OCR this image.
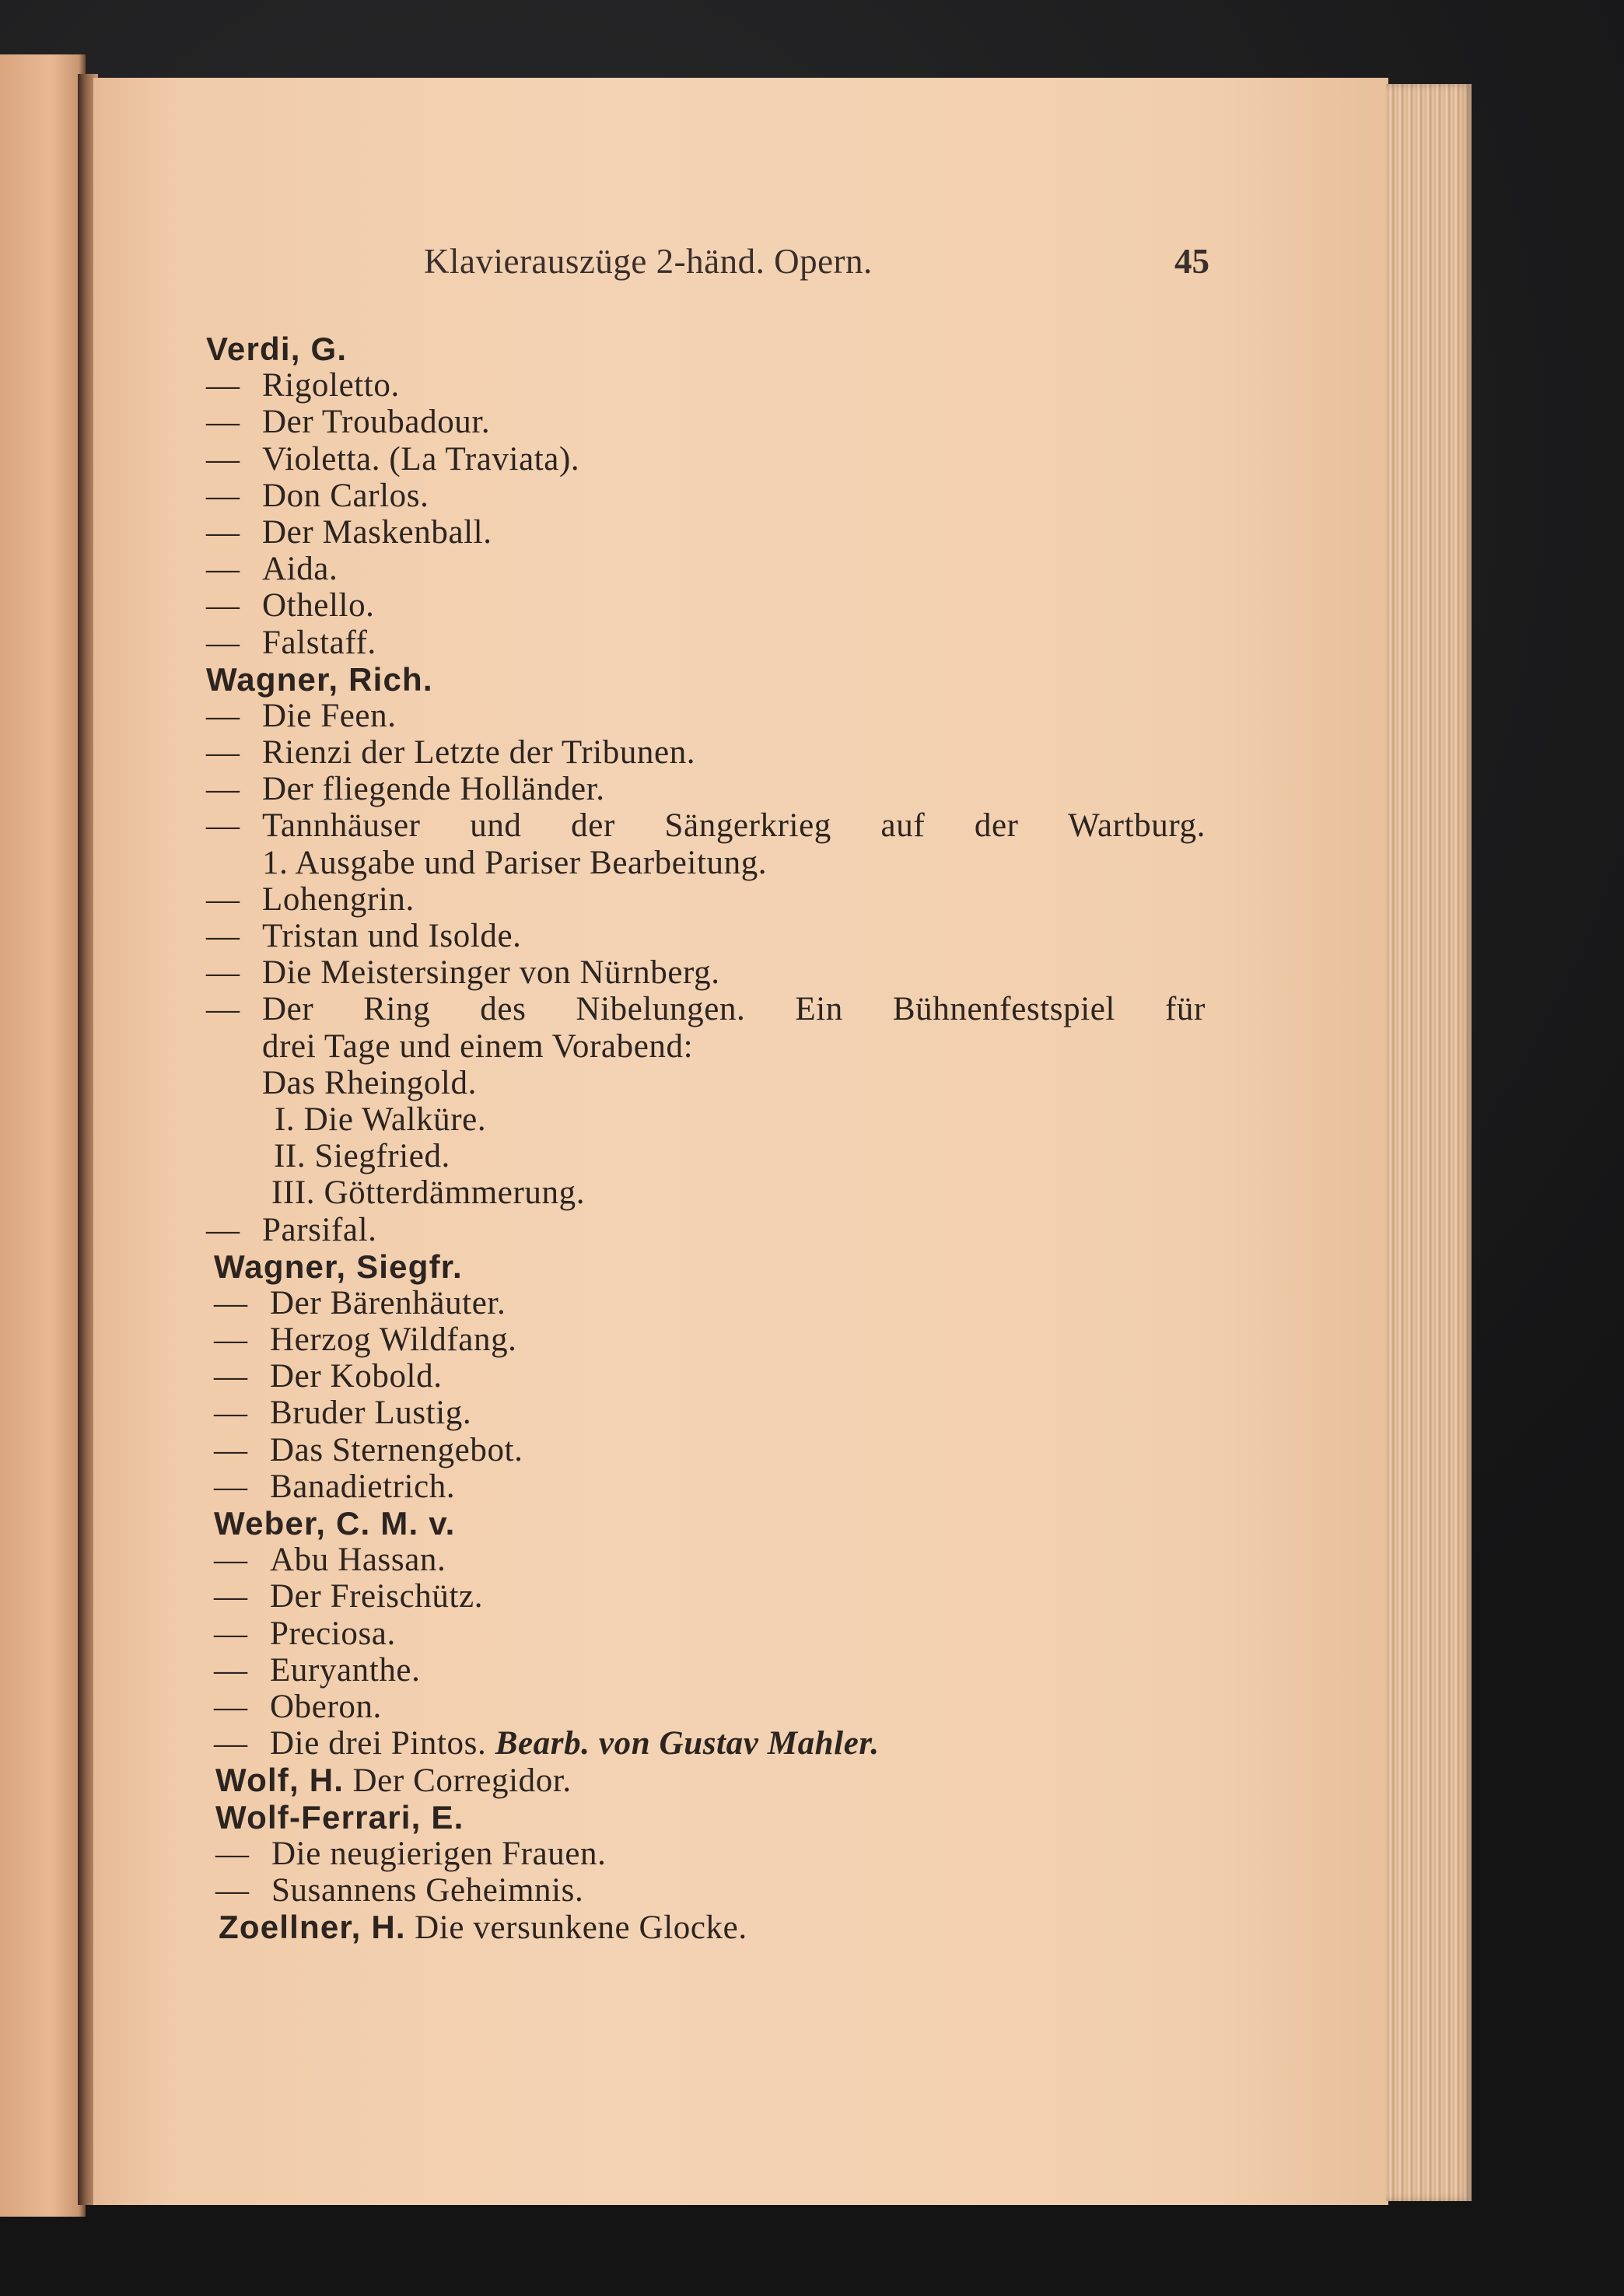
Klavierauszüge 2-händ. Opern.	45
Verdi, G.
— Rigoletto.
— Der Troubadour.
— Violetta. (La Traviata).
— Don Carlos.
— Der Maskenball.
— Aida.
— Othello.
— Falstaff.
Wagner, Rich.
— Die Feen.
— Rienzi der Letzte der Tribunen.
— Der fliegende Holländer.
— Tannhäuser und der Sängerkrieg auf der Wartburg.
1. Ausgabe und Pariser Bearbeitung.
— Lohengrin.
— Tristan und Isolde.
— Die Meistersinger von Nürnberg.
— Der Ring des Nibelungen. Ein Bühnenfestspiel für
drei Tage und einem Vorabend:
Das Rheingold.
I. Die Walküre.
II. Siegfried.
III. Götterdämmerung.
— Parsifal.
Wagner, Siegfr.
— Der Bärenhäuter.
— Herzog Wildfang.
— Der Kobold.
— Bruder Lustig.
— Das Sternengebot.
— Banadietrich.
Weber, C. M. v.
— Abu Hassan.
— Der Freischütz.
— Preciosa.
— Euryanthe.
— Oberon.
— Die drei Pintos. Bearb. von Gustav Mahler.
Wolf, H. Der Corregidor.
Wolf-Ferrari, E.
— Die neugierigen Frauen.
— Susannens Geheimnis.
Zoellner, H. Die versunkene Glocke.
